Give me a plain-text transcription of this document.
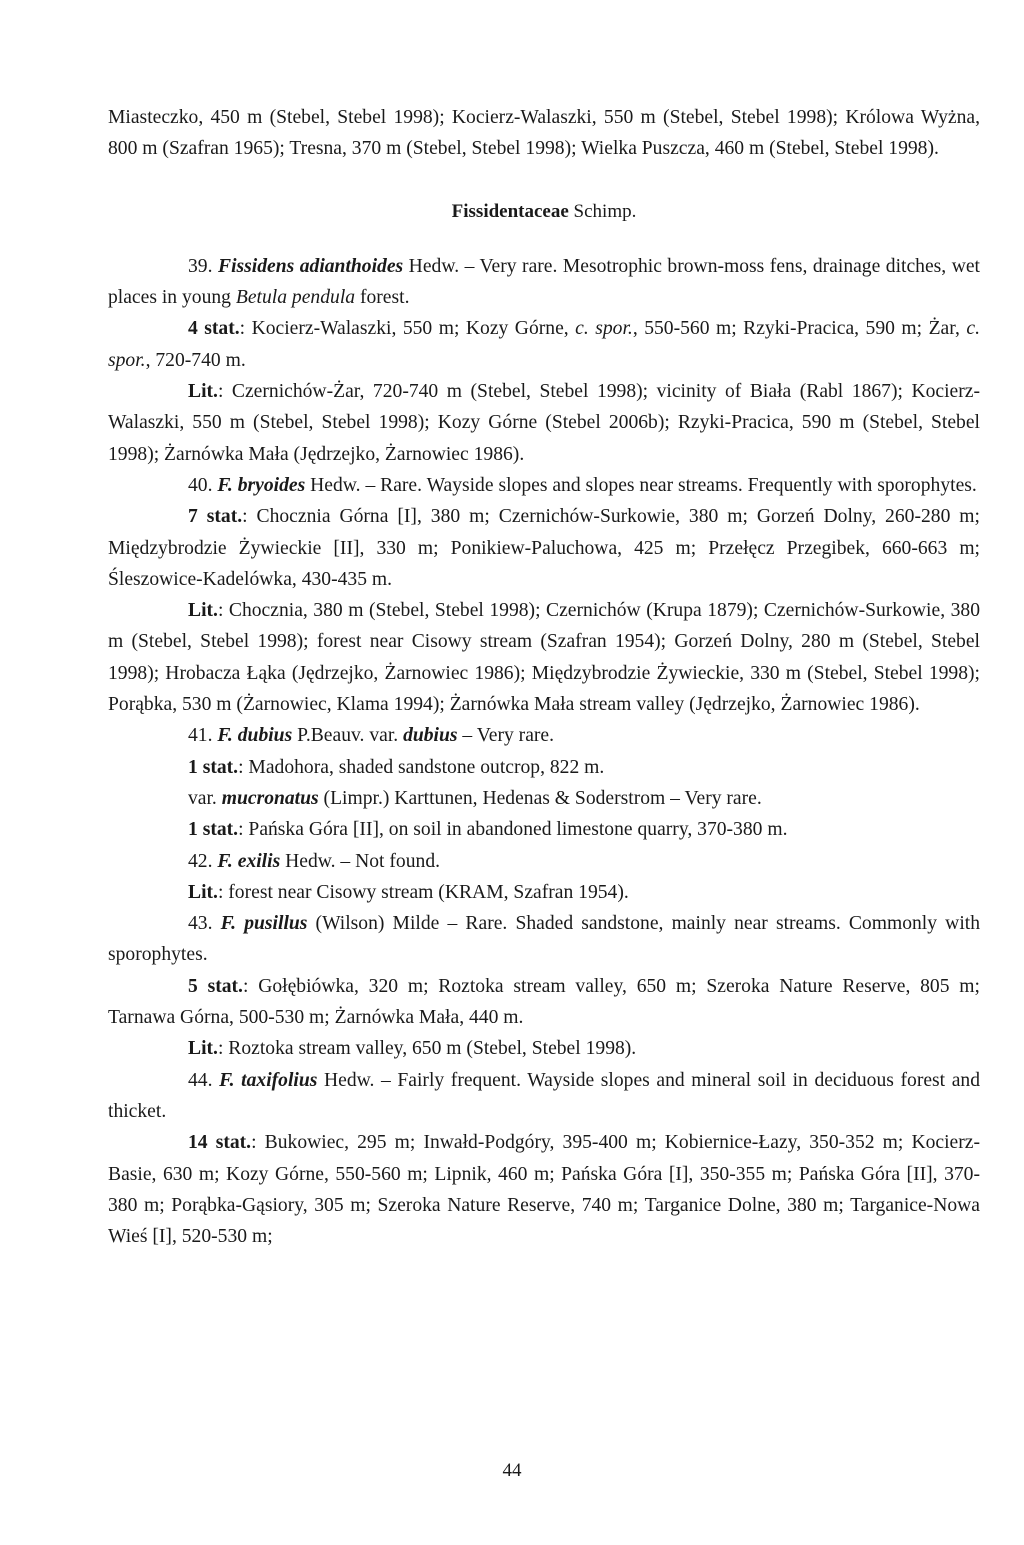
Miasteczko, 450 m (Stebel, Stebel 1998); Kocierz-Walaszki, 550 m (Stebel, Stebel 1998); Królowa Wyżna, 800 m (Szafran 1965); Tresna, 370 m (Stebel, Stebel 1998); Wielka Puszcza, 460 m (Stebel, Stebel 1998).

Fissidentaceae Schimp.

39. Fissidens adianthoides Hedw. – Very rare. Mesotrophic brown-moss fens, drainage ditches, wet places in young Betula pendula forest.

4 stat.: Kocierz-Walaszki, 550 m; Kozy Górne, c. spor., 550-560 m; Rzyki-Pracica, 590 m; Żar, c. spor., 720-740 m.

Lit.: Czernichów-Żar, 720-740 m (Stebel, Stebel 1998); vicinity of Biała (Rabl 1867); Kocierz-Walaszki, 550 m (Stebel, Stebel 1998); Kozy Górne (Stebel 2006b); Rzyki-Pracica, 590 m (Stebel, Stebel 1998); Żarnówka Mała (Jędrzejko, Żarnowiec 1986).

40. F. bryoides Hedw. – Rare. Wayside slopes and slopes near streams. Frequently with sporophytes.

7 stat.: Chocznia Górna [I], 380 m; Czernichów-Surkowie, 380 m; Gorzeń Dolny, 260-280 m; Międzybrodzie Żywieckie [II], 330 m; Ponikiew-Paluchowa, 425 m; Przełęcz Przegibek, 660-663 m; Śleszowice-Kadelówka, 430-435 m.

Lit.: Chocznia, 380 m (Stebel, Stebel 1998); Czernichów (Krupa 1879); Czernichów-Surkowie, 380 m (Stebel, Stebel 1998); forest near Cisowy stream (Szafran 1954); Gorzeń Dolny, 280 m (Stebel, Stebel 1998); Hrobacza Łąka (Jędrzejko, Żarnowiec 1986); Międzybrodzie Żywieckie, 330 m (Stebel, Stebel 1998); Porąbka, 530 m (Żarnowiec, Klama 1994); Żarnówka Mała stream valley (Jędrzejko, Żarnowiec 1986).

41. F. dubius P.Beauv. var. dubius – Very rare.

1 stat.: Madohora, shaded sandstone outcrop, 822 m.

var. mucronatus (Limpr.) Karttunen, Hedenas & Soderstrom – Very rare.

1 stat.: Pańska Góra [II], on soil in abandoned limestone quarry, 370-380 m.

42. F. exilis Hedw. – Not found.

Lit.: forest near Cisowy stream (KRAM, Szafran 1954).

43. F. pusillus (Wilson) Milde – Rare. Shaded sandstone, mainly near streams. Commonly with sporophytes.

5 stat.: Gołębiówka, 320 m; Roztoka stream valley, 650 m; Szeroka Nature Reserve, 805 m; Tarnawa Górna, 500-530 m; Żarnówka Mała, 440 m.

Lit.: Roztoka stream valley, 650 m (Stebel, Stebel 1998).

44. F. taxifolius Hedw. – Fairly frequent. Wayside slopes and mineral soil in deciduous forest and thicket.

14 stat.: Bukowiec, 295 m; Inwałd-Podgóry, 395-400 m; Kobiernice-Łazy, 350-352 m; Kocierz-Basie, 630 m; Kozy Górne, 550-560 m; Lipnik, 460 m; Pańska Góra [I], 350-355 m; Pańska Góra [II], 370-380 m; Porąbka-Gąsiory, 305 m; Szeroka Nature Reserve, 740 m; Targanice Dolne, 380 m; Targanice-Nowa Wieś [I], 520-530 m;

44
